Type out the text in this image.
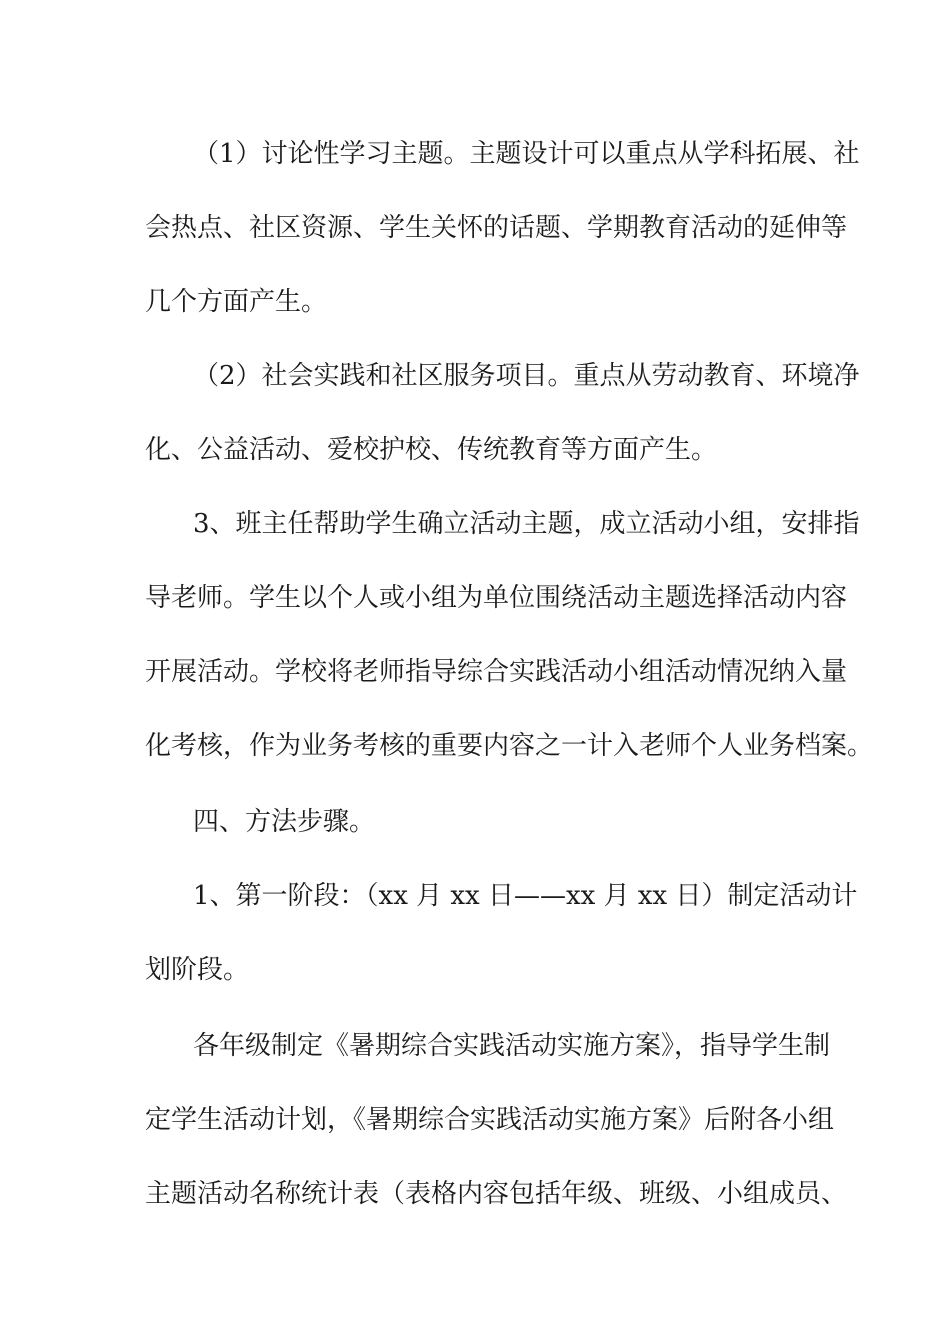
（1）讨论性学习主题。主题设计可以重点从学科拓展、社
会热点、社区资源、学生关怀的话题、学期教育活动的延伸等
几个方面产生。
（2）社会实践和社区服务项目。重点从劳动教育、环境净
化、公益活动、爱校护校、传统教育等方面产生。
3、班主任帮助学生确立活动主题，成立活动小组，安排指
导老师。学生以个人或小组为单位围绕活动主题选择活动内容
开展活动。学校将老师指导综合实践活动小组活动情况纳入量
化考核，作为业务考核的重要内容之一计入老师个人业务档案。
四、方法步骤。
1、第一阶段：（xx 月 xx 日——xx 月 xx 日）制定活动计
划阶段。
各年级制定《暑期综合实践活动实施方案》，指导学生制
定学生活动计划，《暑期综合实践活动实施方案》后附各小组
主题活动名称统计表（表格内容包括年级、班级、小组成员、
